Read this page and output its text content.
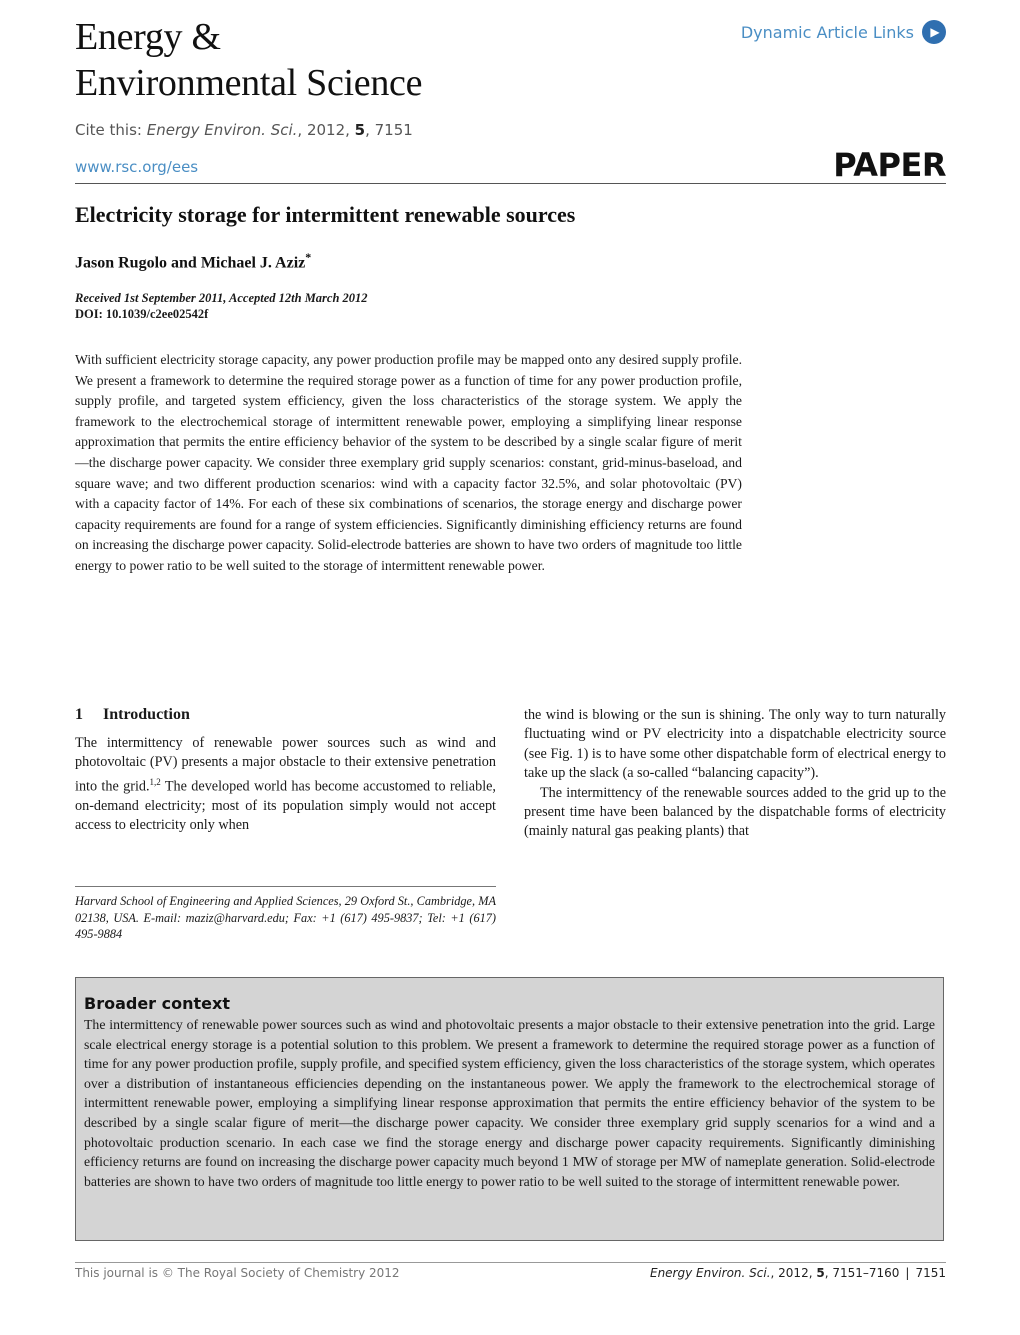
Energy &
Environmental Science
Dynamic Article Links	▶
Cite this: Energy Environ. Sci., 2012, 5, 7151
www.rsc.org/ees	PAPER
Electricity storage for intermittent renewable sources
Jason Rugolo and Michael J. Aziz*
Received 1st September 2011, Accepted 12th March 2012
DOI: 10.1039/c2ee02542f
With sufficient electricity storage capacity, any power production profile may be mapped onto any desired supply profile. We present a framework to determine the required storage power as a function of time for any power production profile, supply profile, and targeted system efficiency, given the loss characteristics of the storage system. We apply the framework to the electrochemical storage of intermittent renewable power, employing a simplifying linear response approximation that permits the entire efficiency behavior of the system to be described by a single scalar figure of merit—the discharge power capacity. We consider three exemplary grid supply scenarios: constant, grid-minus-baseload, and square wave; and two different production scenarios: wind with a capacity factor 32.5%, and solar photovoltaic (PV) with a capacity factor of 14%. For each of these six combinations of scenarios, the storage energy and discharge power capacity requirements are found for a range of system efficiencies. Significantly diminishing efficiency returns are found on increasing the discharge power capacity. Solid-electrode batteries are shown to have two orders of magnitude too little energy to power ratio to be well suited to the storage of intermittent renewable power.
1 Introduction

The intermittency of renewable power sources such as wind and photovoltaic (PV) presents a major obstacle to their extensive penetration into the grid.$^{1,2}$ The developed world has become accustomed to reliable, on-demand electricity; most of its population simply would not accept access to electricity only when

the wind is blowing or the sun is shining. The only way to turn naturally fluctuating wind or PV electricity into a dispatchable electricity source (see Fig. 1) is to have some other dispatchable form of electrical energy to take up the slack (a so-called “balancing capacity”).

The intermittency of the renewable sources added to the grid up to the present time have been balanced by the dispatchable forms of electricity (mainly natural gas peaking plants) that

Harvard School of Engineering and Applied Sciences, 29 Oxford St., Cambridge, MA 02138, USA. E-mail: maziz@harvard.edu; Fax: +1 (617) 495-9837; Tel: +1 (617) 495-9884
Broader context

The intermittency of renewable power sources such as wind and photovoltaic presents a major obstacle to their extensive penetration into the grid. Large scale electrical energy storage is a potential solution to this problem. We present a framework to determine the required storage power as a function of time for any power production profile, supply profile, and specified system efficiency, given the loss characteristics of the storage system, which operates over a distribution of instantaneous efficiencies depending on the instantaneous power. We apply the framework to the electrochemical storage of intermittent renewable power, employing a simplifying linear response approximation that permits the entire efficiency behavior of the system to be described by a single scalar figure of merit—the discharge power capacity. We consider three exemplary grid supply scenarios for a wind and a photovoltaic production scenario. In each case we find the storage energy and discharge power capacity requirements. Significantly diminishing efficiency returns are found on increasing the discharge power capacity much beyond 1 MW of storage per MW of nameplate generation. Solid-electrode batteries are shown to have two orders of magnitude too little energy to power ratio to be well suited to the storage of intermittent renewable power.

This journal is © The Royal Society of Chemistry 2012	Energy Environ. Sci., 2012, 5, 7151–7160 | 7151
